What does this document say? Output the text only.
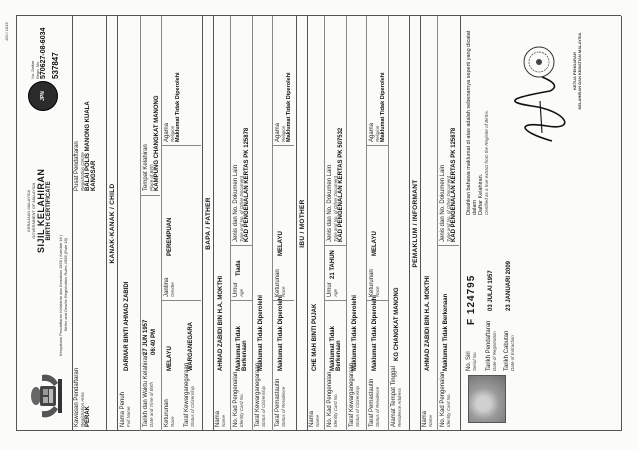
J20 / 1015
KERAJAAN MALAYSIA GOVERNMENT OF MALAYSIA SIJIL KELAHIRAN BIRTH CERTIFICATE
Kenyataan Pendaftaran Kelahiran dan Kematian 1958 ( Kaedah 18 ) Births and Deaths Registration Rules 1958 (Rule 18)
JPN
No. Daftar Regn. No. 570627-08-6034 537847
Kawasan Pendaftaran Registration Area PERAK
Pusat Pendaftaran Registration Centre BALAI POLIS MANONG KUALA KANGSAR
KANAK-KANAK / CHILD
Nama Penuh Full Name
DARMAR BINTI AHMAD ZABIDI
Tarikh dan Waktu Kelahiran Date and Time of Birth
27 JUN 1957 06:40 PM
Tempat Kelahiran Place of Birth KAMPUNG CHANGKAT MANONG
Keturunan Race
MELAYU
Jantina Gender
PEREMPUAN
Agama Religion Maklumat Tidak Diperolehi
Taraf Kewarganegaraan Status of Citizenship
WARGANEGARA
BAPA / FATHER
Nama Name
AHMAD ZABIDI BIN H.A. MOKTHI
No. Kad Pengenalan Identity Card No.
Maklumat Tidak Berkenaan
Umur Age
Tiada
Jenis dan No. Dokumen Lain Type and No. of Other Document KAD PENGENALAN KERTAS PK 125878
Taraf Kewarganegaraan Status of Citizenship
Maklumat Tidak Diperolehi
Taraf Pemastautin Status of Residence
Maklumat Tidak Diperolehi
Keturunan Race
MELAYU
Agama Religion Maklumat Tidak Diperolehi
IBU / MOTHER
Nama Name
CHE MAH BINTI PUJAK
No. Kad Pengenalan Identity Card No.
Maklumat Tidak Berkenaan
Umur Age
21 TAHUN
Jenis dan No. Dokumen Lain Type and No. of Other Document KAD PENGENALAN KERTAS PK 507532
Taraf Kewarganegaraan Status of Citizenship
Maklumat Tidak Diperolehi
Taraf Pemastautin Status of Residence
Maklumat Tidak Diperolehi
Keturunan Race
MELAYU
Agama Religion Maklumat Tidak Diperolehi
Alamat Tempat Tinggal Residence Address
KG CHANGKAT MANONG
PEMAKLUM / INFORMANT
Nama Name
AHMAD ZABIDI BIN H.A. MOKTHI
No. Kad Pengenalan Identity Card No.
Maklumat Tidak Berkenaan
Jenis dan No. Dokumen Lain Type and No. of Other Document KAD PENGENALAN KERTAS PK 125878
No. Siri Serial No.
F 124795
Tarikh Pendaftaran Date of Registration
03 JULAI 1957
Tarikh Cabutan Date of Extraction
23 JANUARI 2009
Disahkan bahawa maklumat di atas adalah sebenarnya seperti yang dicatat dalam Daftar Kelahiran. Certified as a true extract from the Register of Births.
KETUA PENGARAH KELAHIRAN DAN KEMATIAN MALAYSIA
